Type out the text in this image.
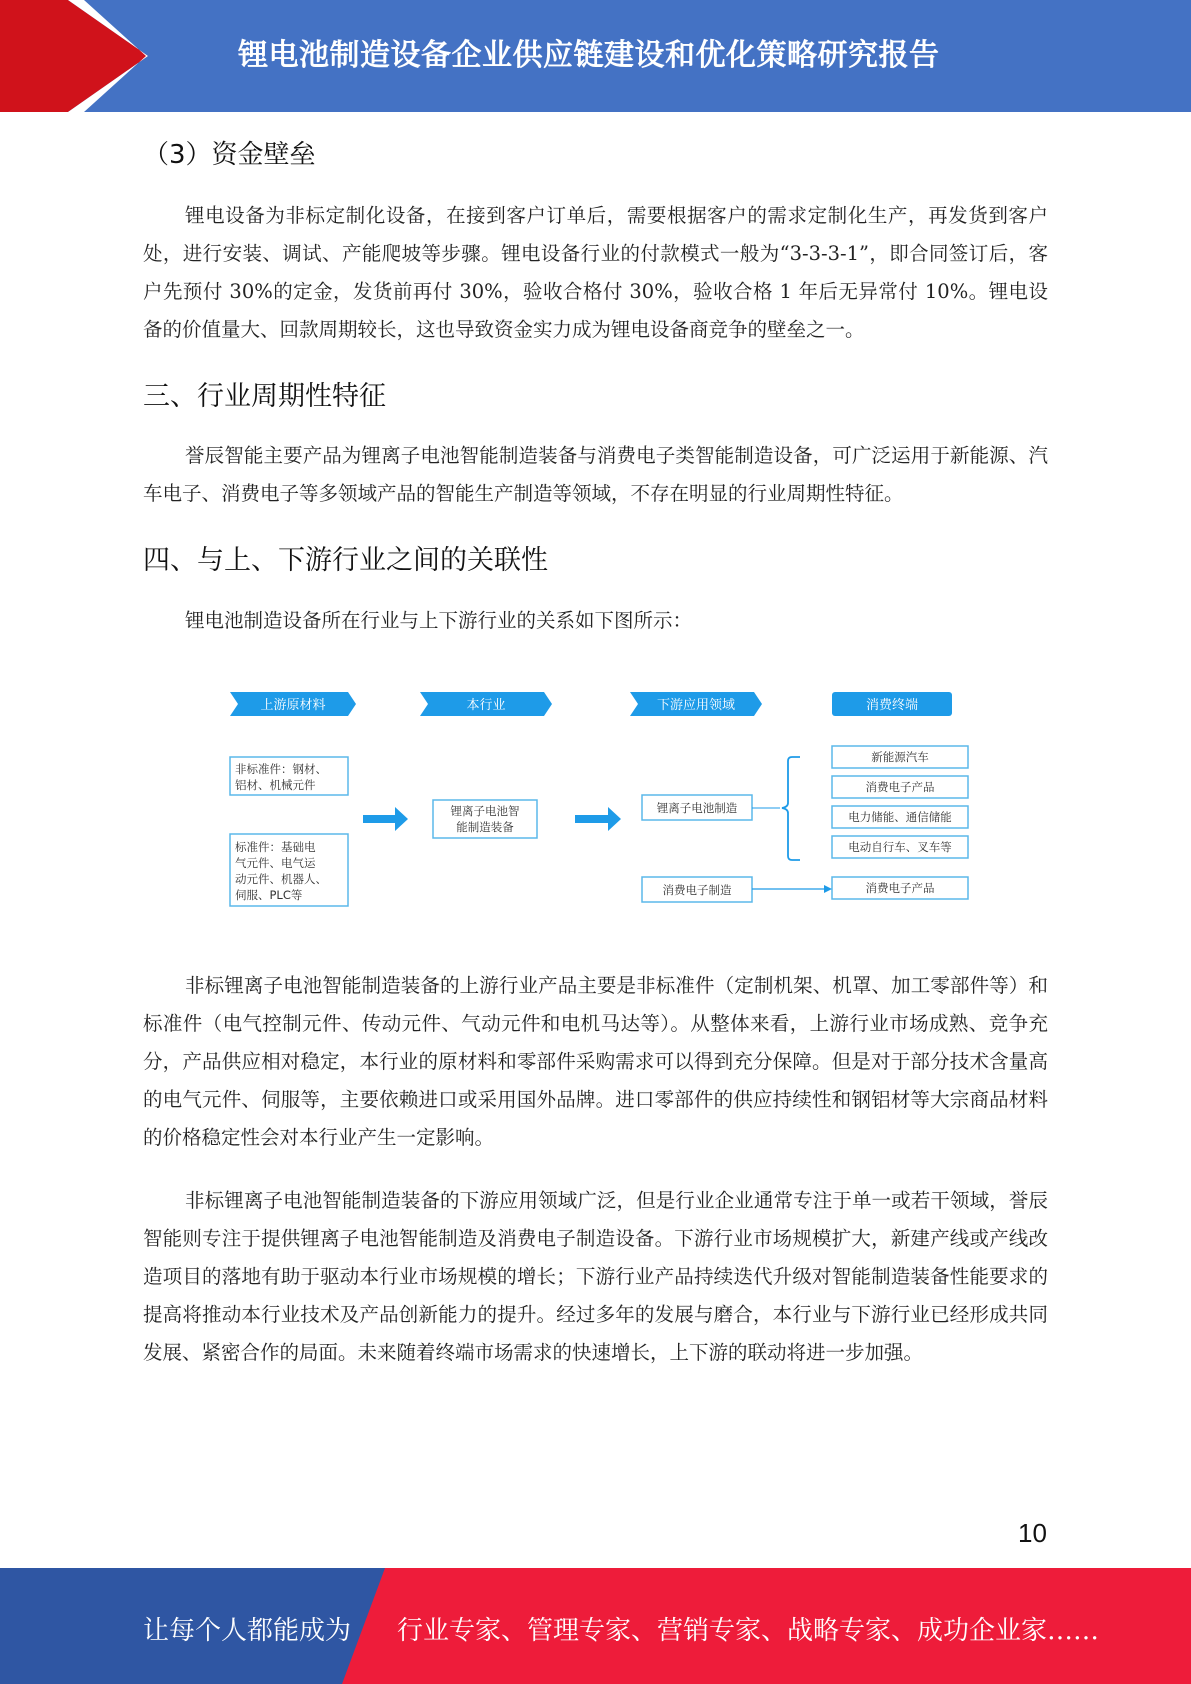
锂电池制造设备企业供应链建设和优化策略研究报告
（3）资金壁垒
锂电设备为非标定制化设备，在接到客户订单后，需要根据客户的需求定制化生产，再发货到客户处，进行安装、调试、产能爬坡等步骤。锂电设备行业的付款模式一般为“3-3-3-1”，即合同签订后，客户先预付 30%的定金，发货前再付 30%，验收合格付 30%，验收合格 1 年后无异常付 10%。锂电设备的价值量大、回款周期较长，这也导致资金实力成为锂电设备商竞争的壁垒之一。
三、行业周期性特征
誉辰智能主要产品为锂离子电池智能制造装备与消费电子类智能制造设备，可广泛运用于新能源、汽车电子、消费电子等多领域产品的智能生产制造等领域，不存在明显的行业周期性特征。
四、与上、下游行业之间的关联性
锂电池制造设备所在行业与上下游行业的关系如下图所示：
上游原材料	本行业	下游应用领域	消费终端
非标准件：钢材、
铝材、机械元件
标准件：基础电
气元件、电气运
动元件、机器人、
伺服、PLC等
锂离子电池智
能制造装备
锂离子电池制造
消费电子制造
新能源汽车
消费电子产品
电力储能、通信储能
电动自行车、叉车等
消费电子产品
非标锂离子电池智能制造装备的上游行业产品主要是非标准件（定制机架、机罩、加工零部件等）和标准件（电气控制元件、传动元件、气动元件和电机马达等）。从整体来看，上游行业市场成熟、竞争充分，产品供应相对稳定，本行业的原材料和零部件采购需求可以得到充分保障。但是对于部分技术含量高的电气元件、伺服等，主要依赖进口或采用国外品牌。进口零部件的供应持续性和钢铝材等大宗商品材料的价格稳定性会对本行业产生一定影响。
非标锂离子电池智能制造装备的下游应用领域广泛，但是行业企业通常专注于单一或若干领域，誉辰智能则专注于提供锂离子电池智能制造及消费电子制造设备。下游行业市场规模扩大，新建产线或产线改造项目的落地有助于驱动本行业市场规模的增长；下游行业产品持续迭代升级对智能制造装备性能要求的提高将推动本行业技术及产品创新能力的提升。经过多年的发展与磨合，本行业与下游行业已经形成共同发展、紧密合作的局面。未来随着终端市场需求的快速增长，上下游的联动将进一步加强。
10
让每个人都能成为 行业专家、管理专家、营销专家、战略专家、成功企业家……
